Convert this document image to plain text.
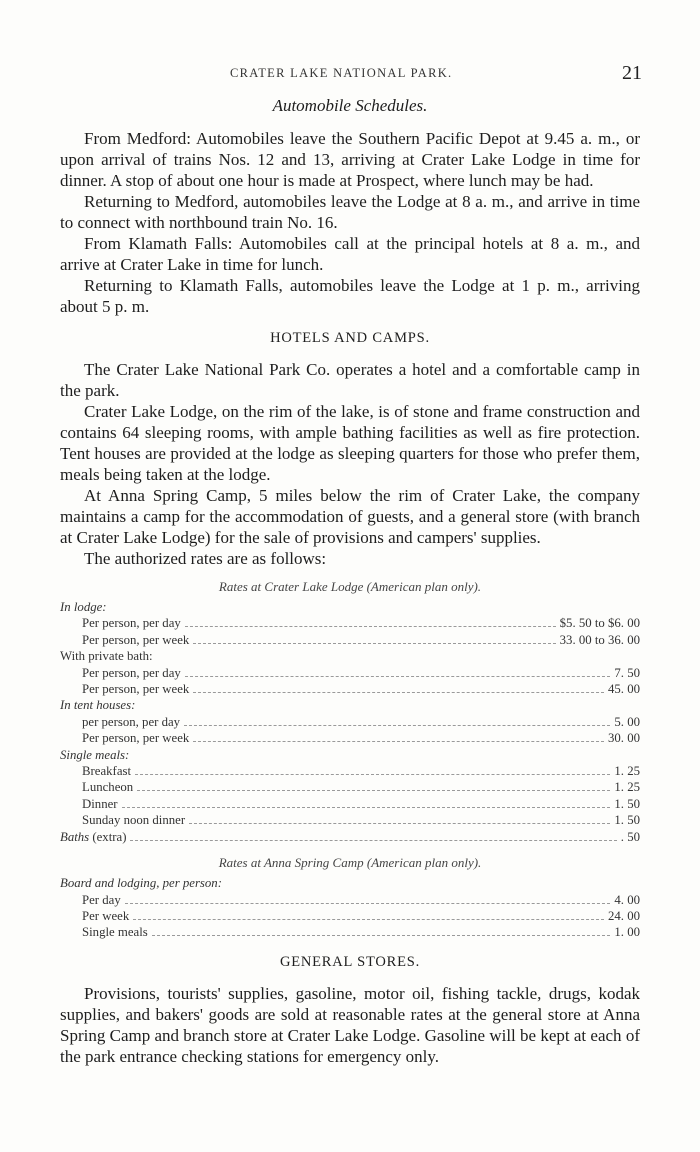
CRATER LAKE NATIONAL PARK.	21
Automobile Schedules.

From Medford: Automobiles leave the Southern Pacific Depot at 9.45 a. m., or upon arrival of trains Nos. 12 and 13, arriving at Crater Lake Lodge in time for dinner. A stop of about one hour is made at Prospect, where lunch may be had.

Returning to Medford, automobiles leave the Lodge at 8 a. m., and arrive in time to connect with northbound train No. 16.

From Klamath Falls: Automobiles call at the principal hotels at 8 a. m., and arrive at Crater Lake in time for lunch.

Returning to Klamath Falls, automobiles leave the Lodge at 1 p. m., arriving about 5 p. m.

HOTELS AND CAMPS.

The Crater Lake National Park Co. operates a hotel and a comfortable camp in the park.

Crater Lake Lodge, on the rim of the lake, is of stone and frame construction and contains 64 sleeping rooms, with ample bathing facilities as well as fire protection. Tent houses are provided at the lodge as sleeping quarters for those who prefer them, meals being taken at the lodge.

At Anna Spring Camp, 5 miles below the rim of Crater Lake, the company maintains a camp for the accommodation of guests, and a general store (with branch at Crater Lake Lodge) for the sale of provisions and campers' supplies.

The authorized rates are as follows:

Rates at Crater Lake Lodge (American plan only).
In lodge:
Per person, per day	$5. 50 to $6. 00
Per person, per week	33. 00 to 36. 00
With private bath:
Per person, per day	7. 50
Per person, per week	45. 00
In tent houses:
per person, per day	5. 00
Per person, per week	30. 00
Single meals:
Breakfast	1. 25
Luncheon	1. 25
Dinner	1. 50
Sunday noon dinner	1. 50
Baths (extra)	. 50
Rates at Anna Spring Camp (American plan only).
Board and lodging, per person:
Per day	4. 00
Per week	24. 00
Single meals	1. 00
GENERAL STORES.

Provisions, tourists' supplies, gasoline, motor oil, fishing tackle, drugs, kodak supplies, and bakers' goods are sold at reasonable rates at the general store at Anna Spring Camp and branch store at Crater Lake Lodge. Gasoline will be kept at each of the park entrance checking stations for emergency only.
